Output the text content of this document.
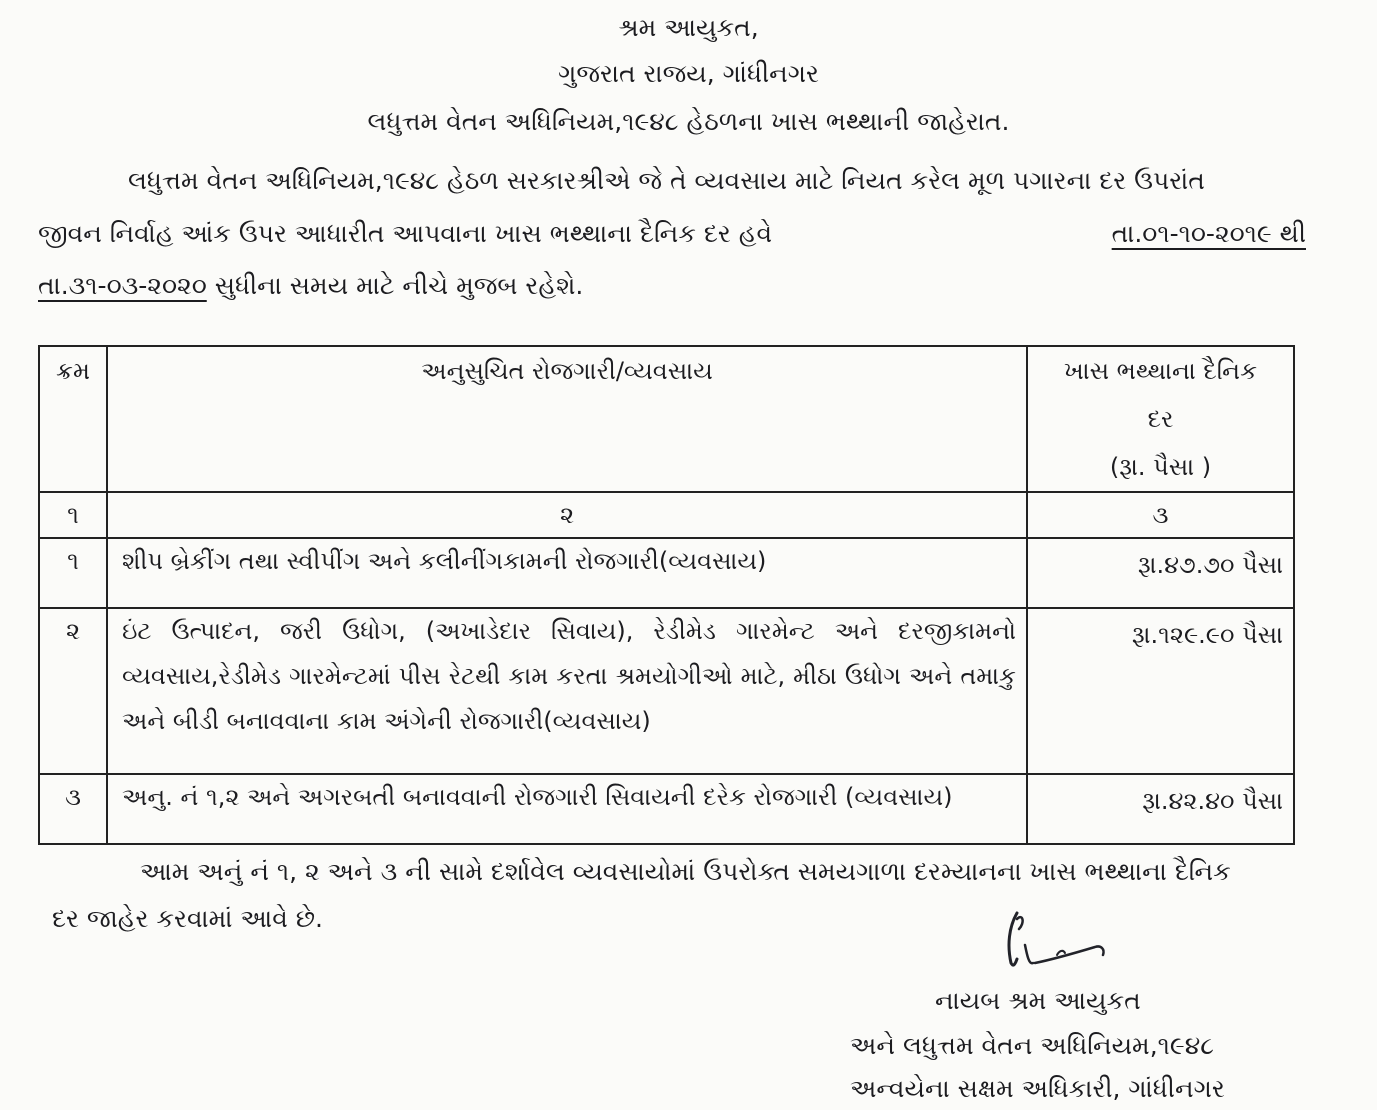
શ્રમ આયુકત,
ગુજરાત રાજય, ગાંધીનગર
લધુત્તમ વેતન અધિનિયમ,૧૯૪૮ હેઠળના ખાસ ભથ્થાની જાહેરાત.
લધુત્તમ વેતન અધિનિયમ,૧૯૪૮ હેઠળ સરકારશ્રીએ જે તે વ્યવસાય માટે નિયત કરેલ મૂળ પગારના દર ઉપરાંત
જીવન નિર્વાહ આંક ઉપર આધારીત આપવાના ખાસ ભથ્થાના દૈનિક દર હવે	તા.૦૧-૧૦-૨૦૧૯ થી
તા.૩૧-૦૩-૨૦૨૦ સુધીના સમય માટે નીચે મુજબ રહેશે.
ક્રમ	અનુસુચિત રોજગારી/વ્યવસાય	ખાસ ભથ્થાના દૈનિક
દર
(રૂા. પૈસા )

૧	૨	૩
૧	શીપ બ્રેકીંગ તથા સ્વીપીંગ અને કલીનીંગકામની રોજગારી(વ્યવસાય)	રૂા.૪૭.૭૦ પૈસા
૨	ઇંટ ઉત્પાદન, જરી ઉધોગ, (અખાડેદાર સિવાય), રેડીમેડ ગારમેન્ટ અને દરજીકામનો વ્યવસાય,રેડીમેડ ગારમેન્ટમાં પીસ રેટથી કામ કરતા શ્રમયોગીઓ માટે, મીઠા ઉધોગ અને તમાકુ અને બીડી બનાવવાના કામ અંગેની રોજગારી(વ્યવસાય)	રૂા.૧૨૯.૯૦ પૈસા
૩	અનુ. નં ૧,૨ અને અગરબતી બનાવવાની રોજગારી સિવાયની દરેક રોજગારી (વ્યવસાય)	રૂા.૪૨.૪૦ પૈસા
આમ અનું નં ૧, ૨ અને ૩ ની સામે દર્શાવેલ વ્યવસાયોમાં ઉપરોક્ત સમયગાળા દરમ્યાનના ખાસ ભથ્થાના દૈનિક
દર જાહેર કરવામાં આવે છે.
નાયબ શ્રમ આયુકત
અને લધુત્તમ વેતન અધિનિયમ,૧૯૪૮
અન્વયેના સક્ષમ અધિકારી, ગાંધીનગર
